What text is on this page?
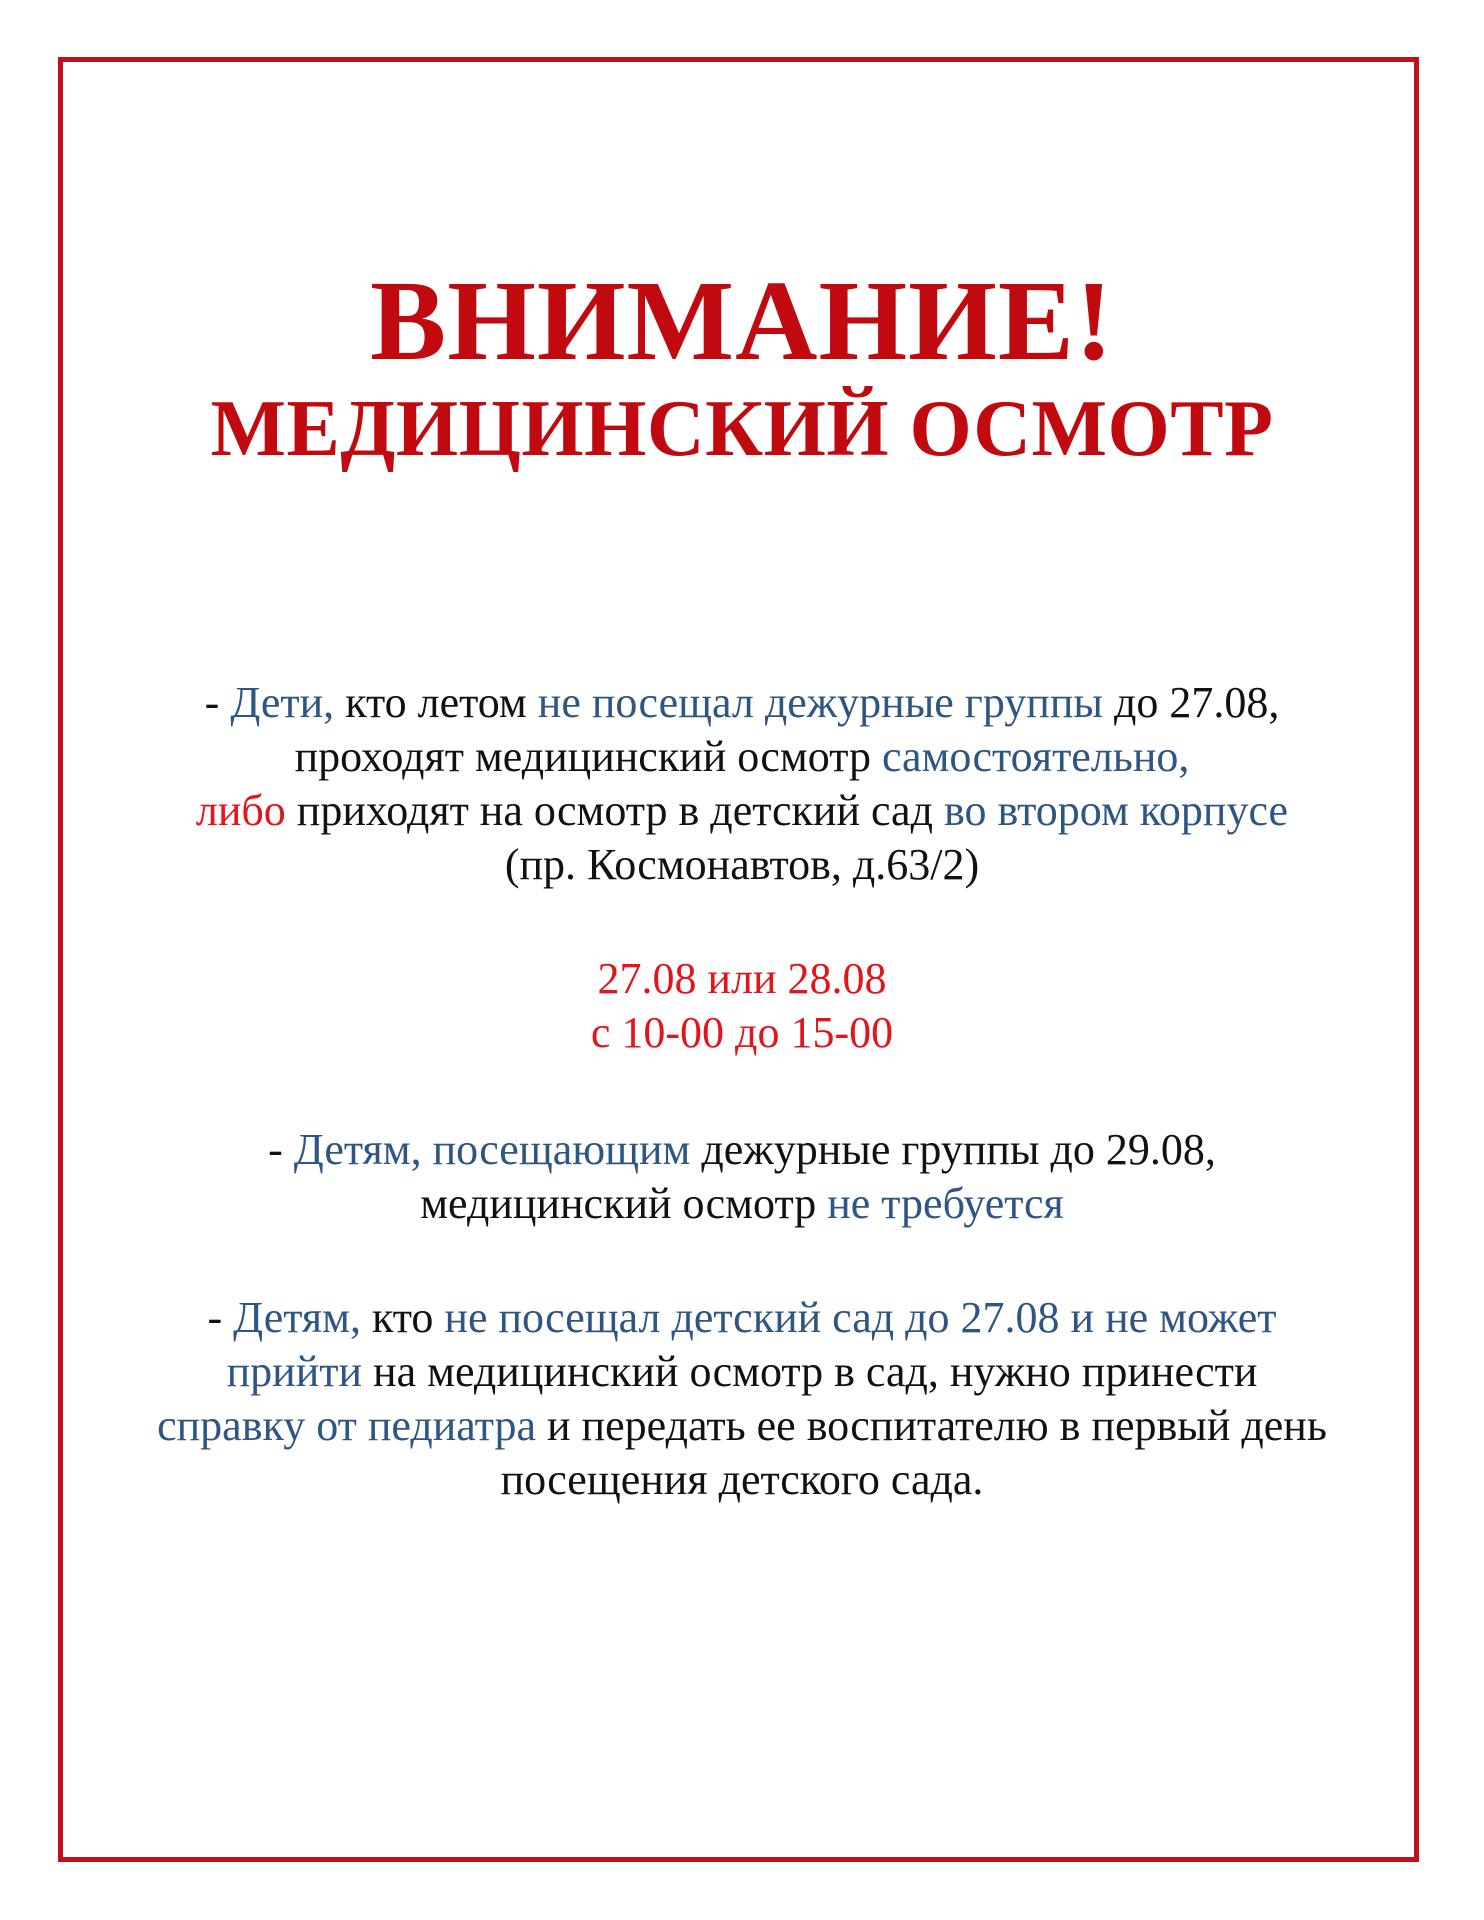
ВНИМАНИЕ!
МЕДИЦИНСКИЙ ОСМОТР
- Дети, кто летом не посещал дежурные группы до 27.08,
проходят медицинский осмотр самостоятельно,
либо приходят на осмотр в детский сад во втором корпусе
(пр. Космонавтов, д.63/2)
27.08 или 28.08
с 10-00 до 15-00
- Детям, посещающим дежурные группы до 29.08,
медицинский осмотр не требуется
- Детям, кто не посещал детский сад до 27.08 и не может
прийти на медицинский осмотр в сад, нужно принести
справку от педиатра и передать ее воспитателю в первый день
посещения детского сада.
